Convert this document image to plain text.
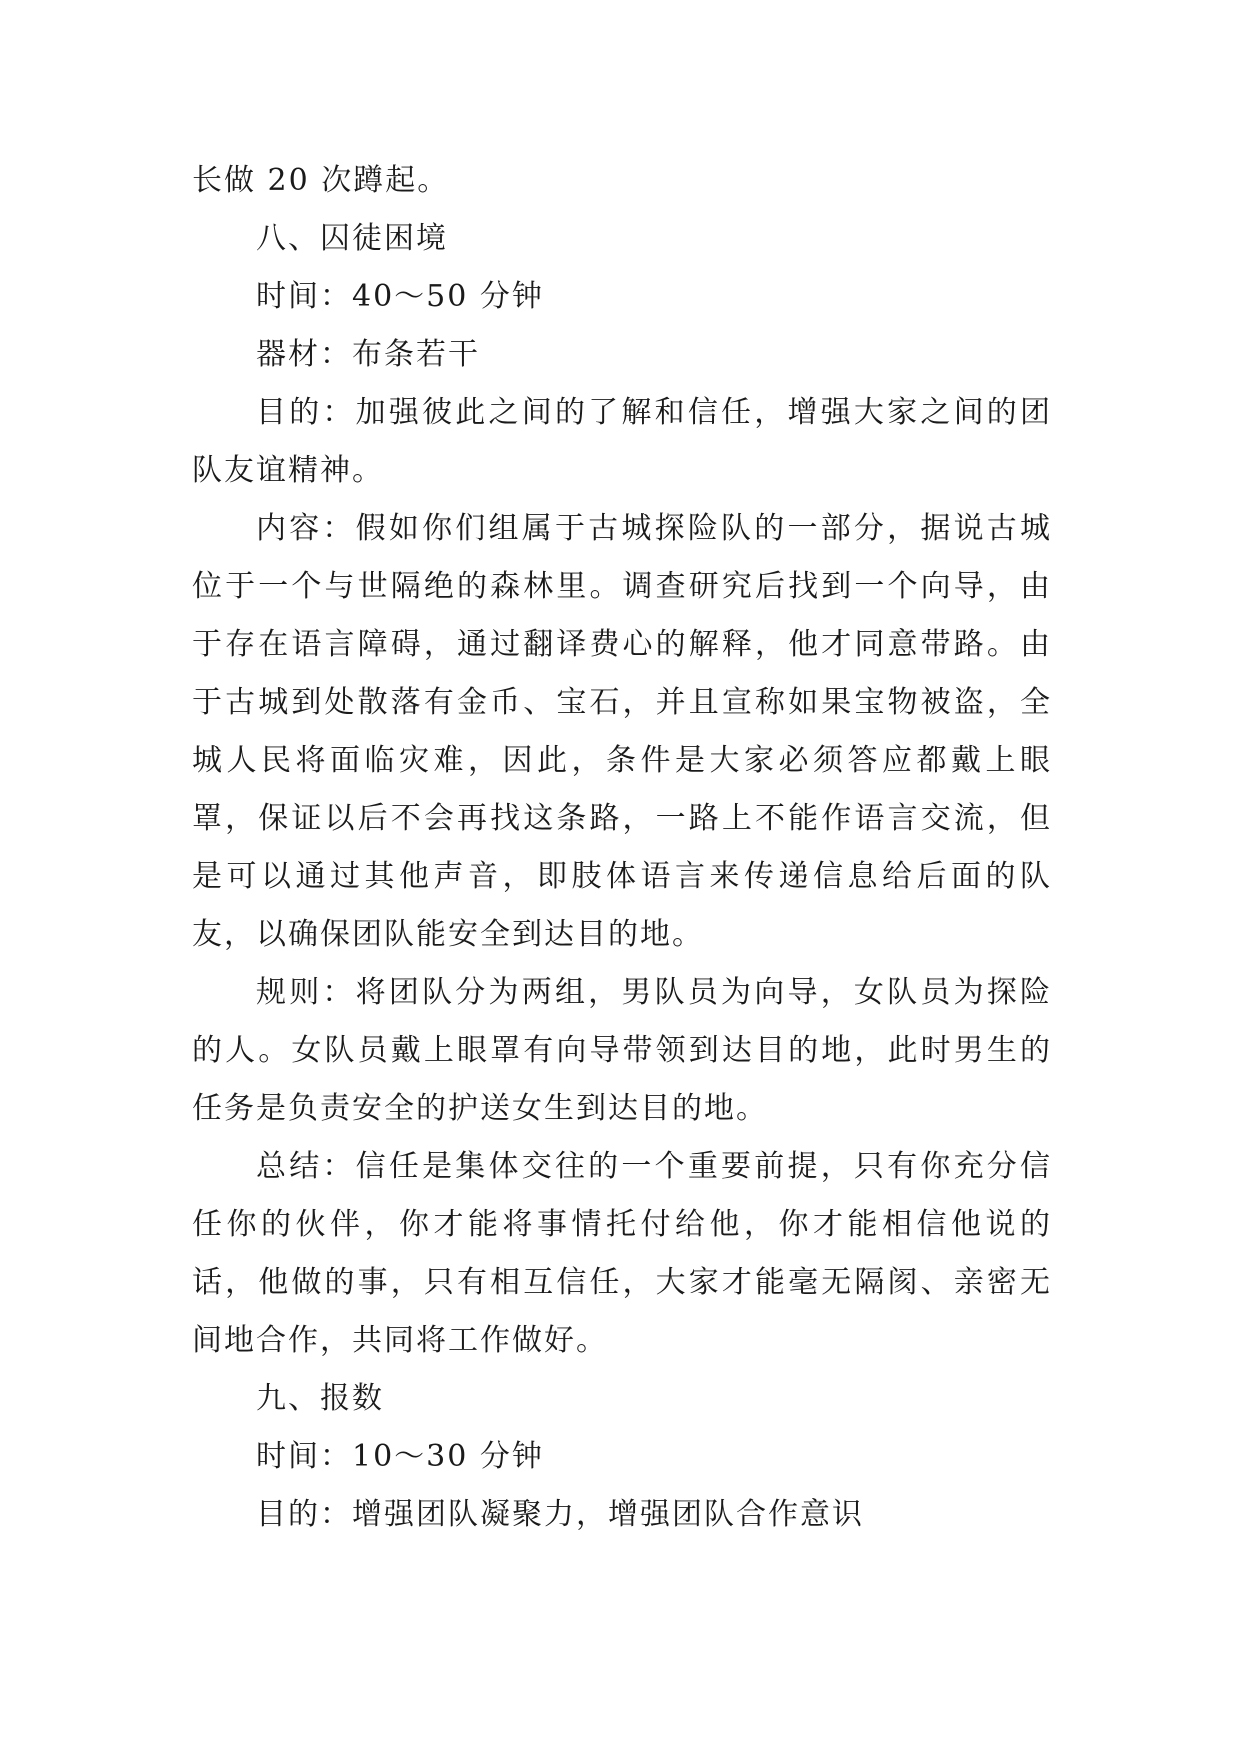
长做 20 次蹲起。

八、囚徒困境

时间：40～50 分钟

器材：布条若干

目的：加强彼此之间的了解和信任，增强大家之间的团队友谊精神。

内容：假如你们组属于古城探险队的一部分，据说古城位于一个与世隔绝的森林里。调查研究后找到一个向导，由于存在语言障碍，通过翻译费心的解释，他才同意带路。由于古城到处散落有金币、宝石，并且宣称如果宝物被盗，全城人民将面临灾难，因此，条件是大家必须答应都戴上眼罩，保证以后不会再找这条路，一路上不能作语言交流，但是可以通过其他声音，即肢体语言来传递信息给后面的队友，以确保团队能安全到达目的地。

规则：将团队分为两组，男队员为向导，女队员为探险的人。女队员戴上眼罩有向导带领到达目的地，此时男生的任务是负责安全的护送女生到达目的地。

总结：信任是集体交往的一个重要前提，只有你充分信任你的伙伴，你才能将事情托付给他，你才能相信他说的话，他做的事，只有相互信任，大家才能毫无隔阂、亲密无间地合作，共同将工作做好。

九、报数

时间：10～30 分钟

目的：增强团队凝聚力，增强团队合作意识
